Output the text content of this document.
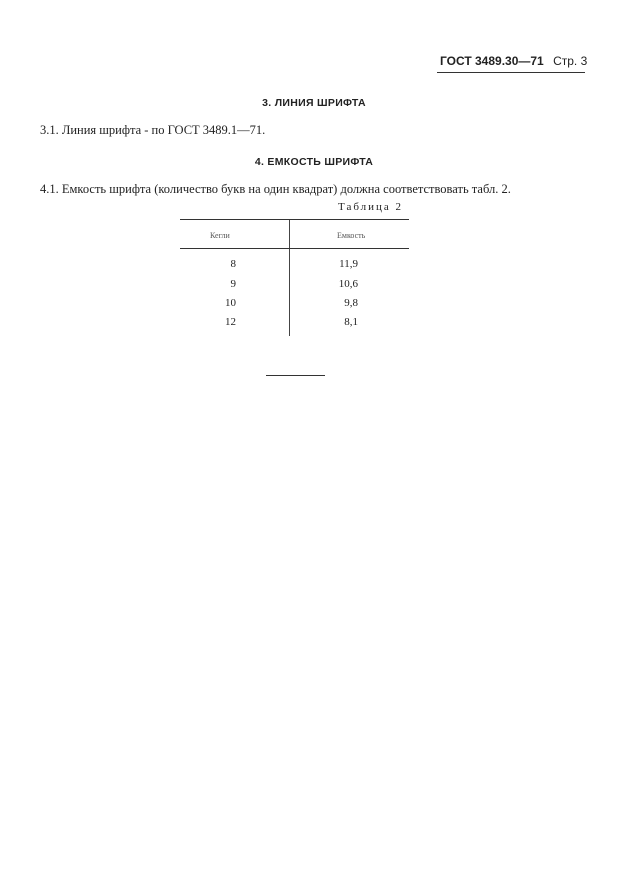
ГОСТ 3489.30—71 Стр. 3
3. ЛИНИЯ ШРИФТА
3.1. Линия шрифта - по ГОСТ 3489.1—71.
4. ЕМКОСТЬ ШРИФТА
4.1. Емкость шрифта (количество букв на один квадрат) должна соответствовать табл. 2.
Таблица 2
Кегли	Емкость
8	11,9
9	10,6
10	9,8
12	8,1
